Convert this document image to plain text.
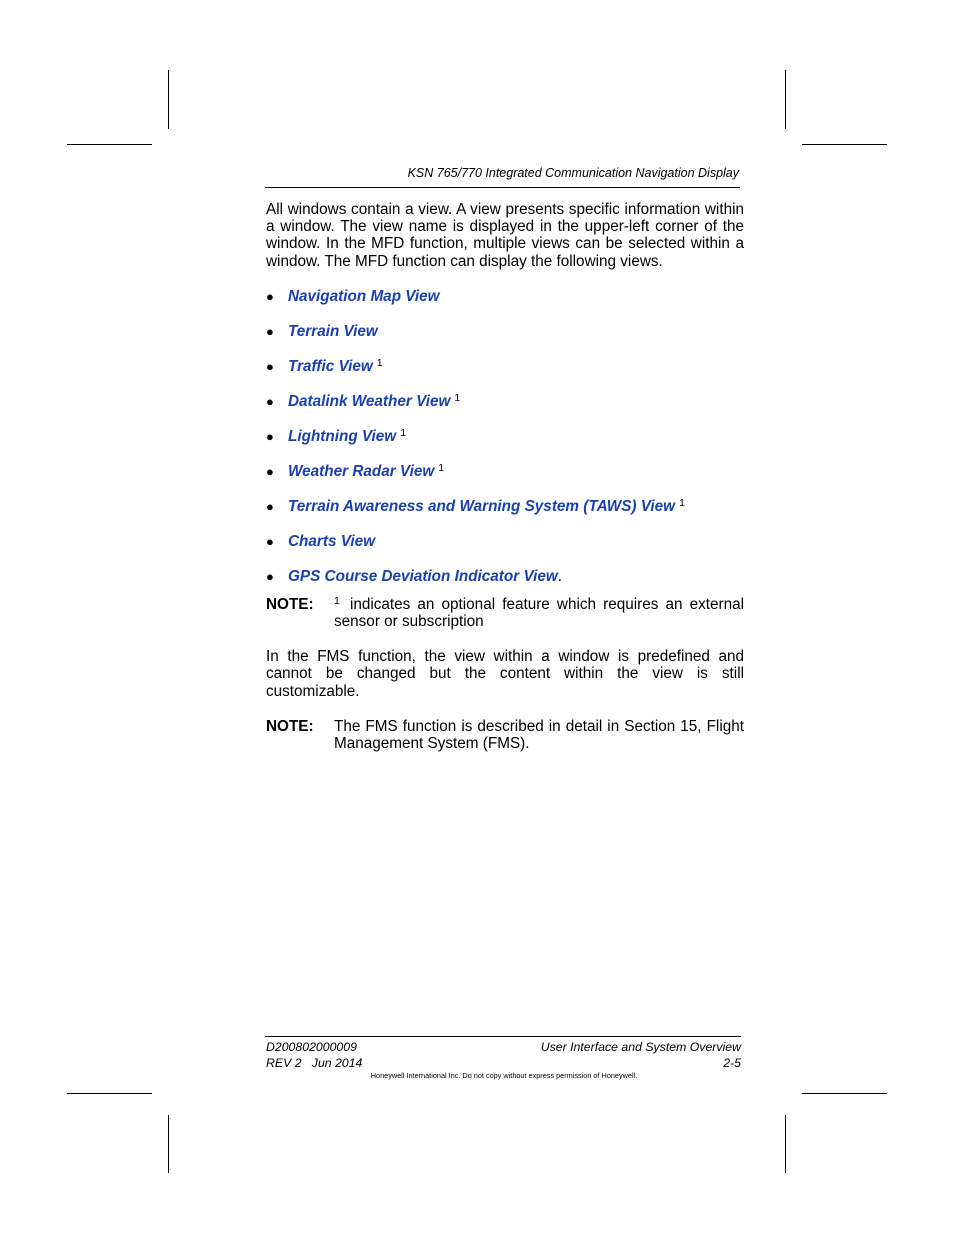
KSN 765/770 Integrated Communication Navigation Display

All windows contain a view. A view presents specific information within a window. The view name is displayed in the upper‑left corner of the window. In the MFD function, multiple views can be selected within a window. The MFD function can display the following views.

● Navigation Map View
● Terrain View
● Traffic View $^1$
● Datalink Weather View $^1$
● Lightning View $^1$
● Weather Radar View $^1$
● Terrain Awareness and Warning System (TAWS) View $^1$
● Charts View
● GPS Course Deviation Indicator View.
NOTE:	$^1$ indicates an optional feature which requires an external sensor or subscription

In the FMS function, the view within a window is predefined and cannot be changed but the content within the view is still customizable.

NOTE:	The FMS function is described in detail in Section 15, Flight Management System (FMS).
D200802000009
REV 2   Jun 2014
User Interface and System Overview
2-5
Honeywell International Inc. Do not copy without express permission of Honeywell.
